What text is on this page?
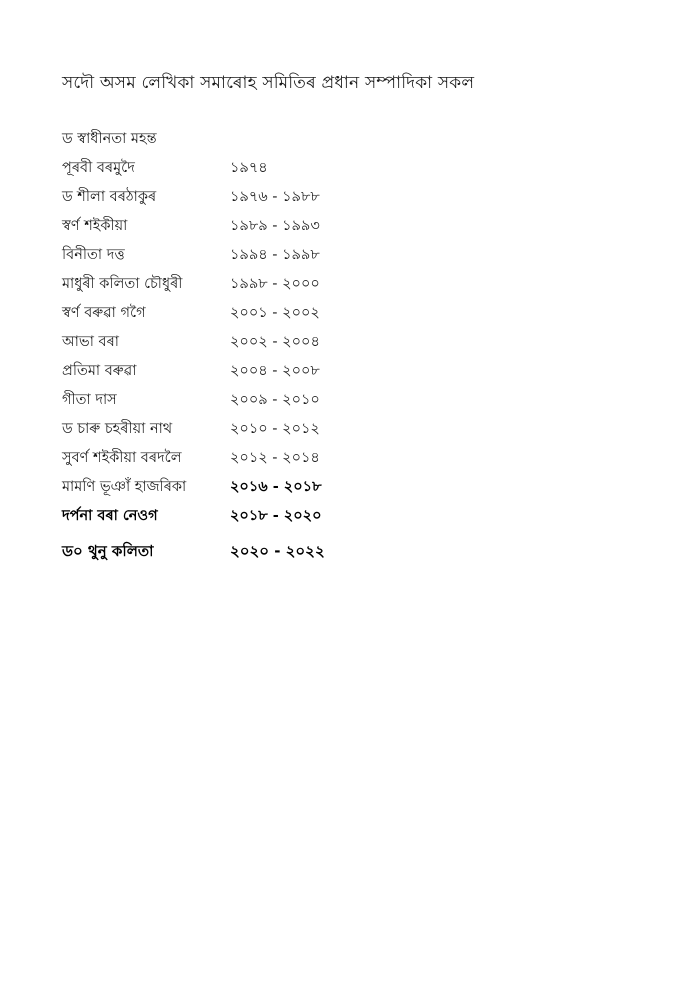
সদৌ অসম লেখিকা সমাৰোহ সমিতিৰ প্ৰধান সম্পাদিকা সকল
ড স্বাধীনতা মহন্ত
পূৰবী বৰমুদৈ	১৯৭৪
ড শীলা বৰঠাকুৰ	১৯৭৬ - ১৯৮৮
স্বৰ্ণ শইকীয়া	১৯৮৯ - ১৯৯৩
বিনীতা দত্ত	১৯৯৪ - ১৯৯৮
মাধুৰী কলিতা চৌধুৰী	১৯৯৮ - ২০০০
স্বৰ্ণ বৰুৱা গগৈ	২০০১ - ২০০২
আভা বৰা	২০০২ - ২০০৪
প্ৰতিমা বৰুৱা	২০০৪ - ২০০৮
গীতা দাস	২০০৯ - ২০১০
ড চাৰু চহৰীয়া নাথ	২০১০ - ২০১২
সুবৰ্ণ শইকীয়া বৰদলৈ	২০১২ - ২০১৪
মামণি ভূঞাঁ হাজৰিকা	২০১৬ - ২০১৮
দৰ্পনা বৰা নেওগ	২০১৮ - ২০২০
ড০ থুনু কলিতা	২০২০ - ২০২২
